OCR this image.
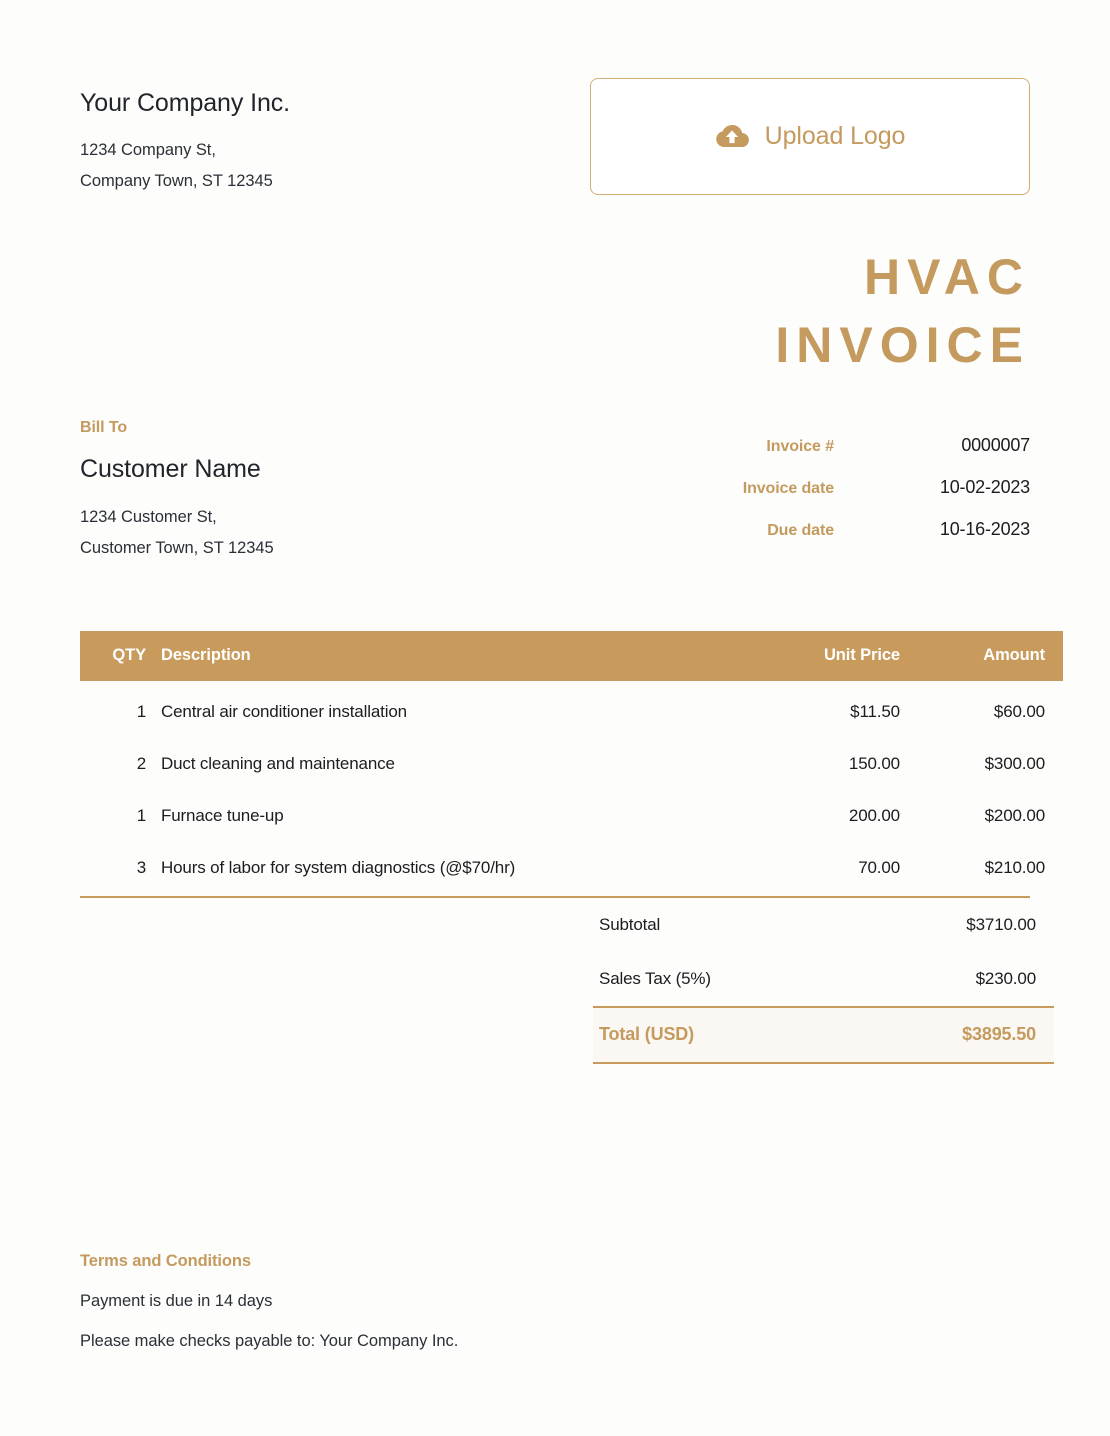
Your Company Inc.
1234 Company St,
Company Town, ST 12345
Upload Logo
HVAC
INVOICE
Bill To
Customer Name
1234 Customer St,
Customer Town, ST 12345
Invoice #	0000007
Invoice date	10-02-2023
Due date	10-16-2023
QTY	Description	Unit Price	Amount
1	Central air conditioner installation	$11.50	$60.00
2	Duct cleaning and maintenance	150.00	$300.00
1	Furnace tune-up	200.00	$200.00
3	Hours of labor for system diagnostics (@$70/hr)	70.00	$210.00
	Subtotal	$3710.00
	Sales Tax (5%)	$230.00
	Total (USD)	$3895.50
Terms and Conditions
Payment is due in 14 days
Please make checks payable to: Your Company Inc.
